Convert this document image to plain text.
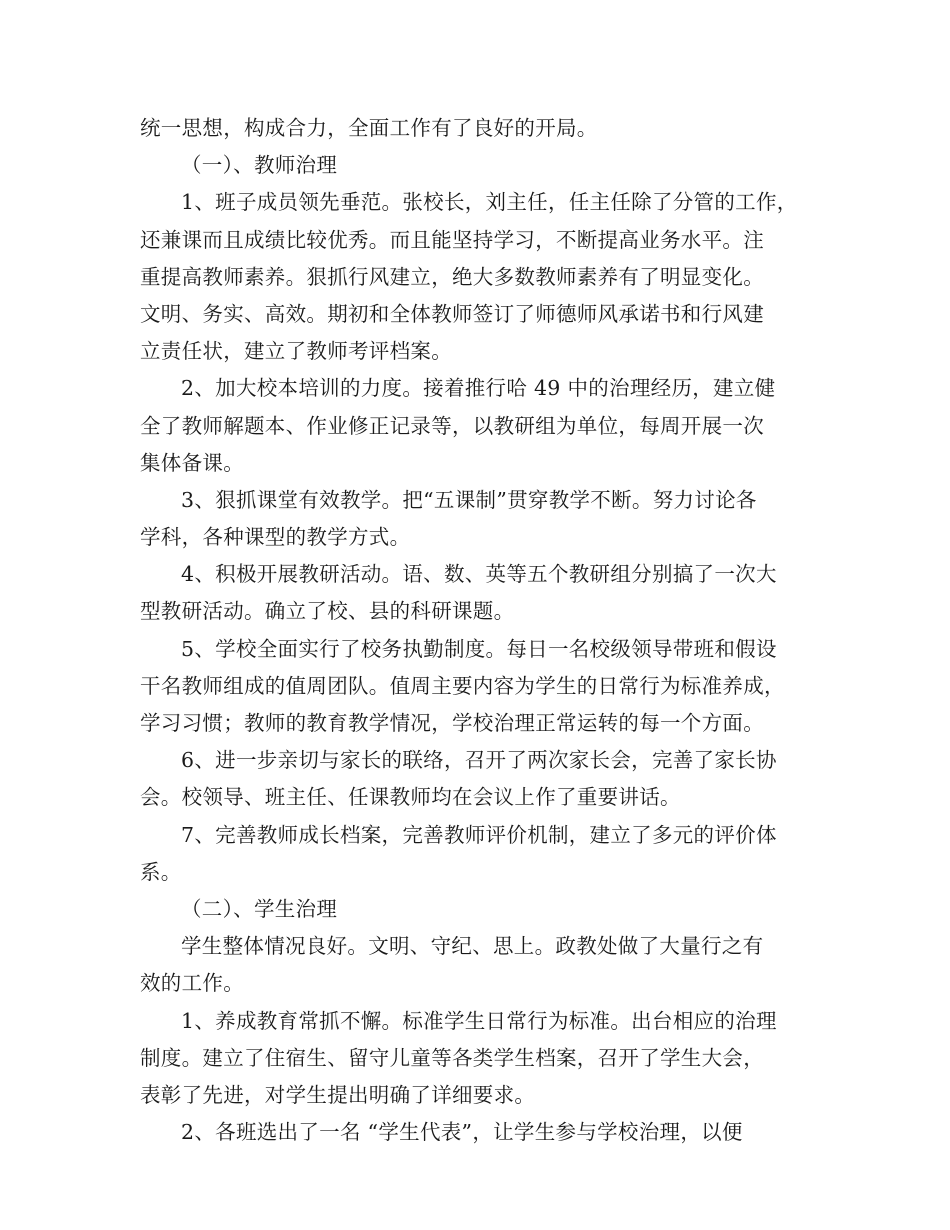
统一思想，构成合力，全面工作有了良好的开局。
（一）、教师治理
1、班子成员领先垂范。张校长，刘主任，任主任除了分管的工作，
还兼课而且成绩比较优秀。而且能坚持学习，不断提高业务水平。注
重提高教师素养。狠抓行风建立，绝大多数教师素养有了明显变化。
文明、务实、高效。期初和全体教师签订了师德师风承诺书和行风建
立责任状，建立了教师考评档案。
2、加大校本培训的力度。接着推行哈 49 中的治理经历，建立健
全了教师解题本、作业修正记录等，以教研组为单位，每周开展一次
集体备课。
3、狠抓课堂有效教学。把“五课制”贯穿教学不断。努力讨论各
学科，各种课型的教学方式。
4、积极开展教研活动。语、数、英等五个教研组分别搞了一次大
型教研活动。确立了校、县的科研课题。
5、学校全面实行了校务执勤制度。每日一名校级领导带班和假设
干名教师组成的值周团队。值周主要内容为学生的日常行为标准养成，
学习习惯；教师的教育教学情况，学校治理正常运转的每一个方面。
6、进一步亲切与家长的联络，召开了两次家长会，完善了家长协
会。校领导、班主任、任课教师均在会议上作了重要讲话。
7、完善教师成长档案，完善教师评价机制，建立了多元的评价体
系。
（二）、学生治理
学生整体情况良好。文明、守纪、思上。政教处做了大量行之有
效的工作。
1、养成教育常抓不懈。标准学生日常行为标准。出台相应的治理
制度。建立了住宿生、留守儿童等各类学生档案，召开了学生大会，
表彰了先进，对学生提出明确了详细要求。
2、各班选出了一名 “学生代表”，让学生参与学校治理，以便
